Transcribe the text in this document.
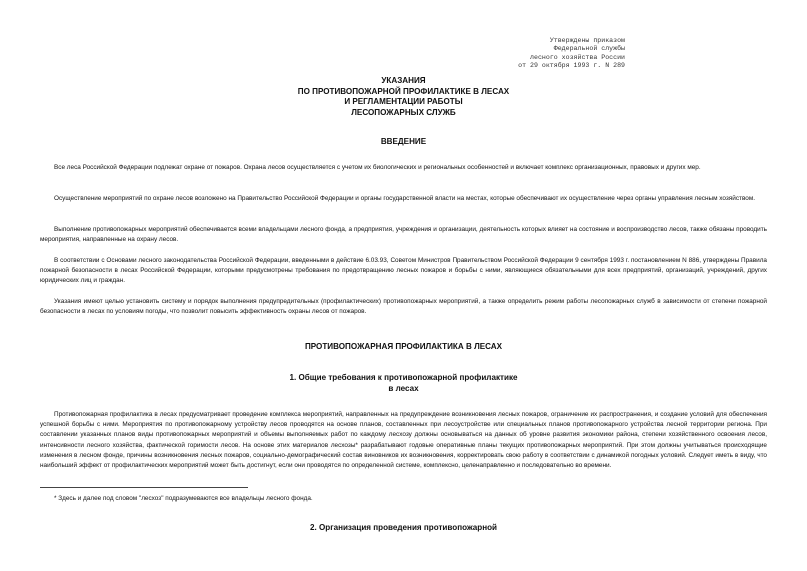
Утверждены приказом
Федеральной службы
лесного хозяйства России
от 29 октября 1993 г. N 289
УКАЗАНИЯ
ПО ПРОТИВОПОЖАРНОЙ ПРОФИЛАКТИКЕ В ЛЕСАХ
И РЕГЛАМЕНТАЦИИ РАБОТЫ
ЛЕСОПОЖАРНЫХ СЛУЖБ
ВВЕДЕНИЕ

Все леса Российской Федерации подлежат охране от пожаров. Охрана лесов осуществляется с учетом их биологических и региональных особенностей и включает комплекс организационных, правовых и других мер.

Осуществление мероприятий по охране лесов возложено на Правительство Российской Федерации и органы государственной власти на местах, которые обеспечивают их осуществление через органы управления лесным хозяйством.

Выполнение противопожарных мероприятий обеспечивается всеми владельцами лесного фонда, а предприятия, учреждения и организации, деятельность которых влияет на состояние и воспроизводство лесов, также обязаны проводить мероприятия, направленные на охрану лесов.

В соответствии с Основами лесного законодательства Российской Федерации, введенными в действие 6.03.93, Советом Министров Правительством Российской Федерации 9 сентября 1993 г. постановлением N 886, утверждены Правила пожарной безопасности в лесах Российской Федерации, которыми предусмотрены требования по предотвращению лесных пожаров и борьбы с ними, являющиеся обязательными для всех предприятий, организаций, учреждений, других юридических лиц и граждан.

Указания имеют целью установить систему и порядок выполнения предупредительных (профилактических) противопожарных мероприятий, а также определить режим работы лесопожарных служб в зависимости от степени пожарной безопасности в лесах по условиям погоды, что позволит повысить эффективность охраны лесов от пожаров.

ПРОТИВОПОЖАРНАЯ ПРОФИЛАКТИКА В ЛЕСАХ
1. Общие требования к противопожарной профилактике
в лесах

Противопожарная профилактика в лесах предусматривает проведение комплекса мероприятий, направленных на предупреждение возникновения лесных пожаров, ограничение их распространения, и создание условий для обеспечения успешной борьбы с ними. Мероприятия по противопожарному устройству лесов проводятся на основе планов, составленных при лесоустройстве или специальных планов противопожарного устройства лесной территории региона. При составлении указанных планов виды противопожарных мероприятий и объемы выполняемых работ по каждому лесхозу должны основываться на данных об уровне развития экономики района, степени хозяйственного освоения лесов, интенсивности лесного хозяйства, фактической горимости лесов. На основе этих материалов лесхозы* разрабатывают годовые оперативные планы текущих противопожарных мероприятий. При этом должны учитываться происходящие изменения в лесном фонде, причины возникновения лесных пожаров, социально-демографический состав виновников их возникновения, корректировать свою работу в соответствии с динамикой погодных условий. Следует иметь в виду, что наибольший эффект от профилактических мероприятий может быть достигнут, если они проводятся по определенной системе, комплексно, целенаправленно и последовательно во времени.

* Здесь и далее под словом "лесхоз" подразумеваются все владельцы лесного фонда.
2. Организация проведения противопожарной
